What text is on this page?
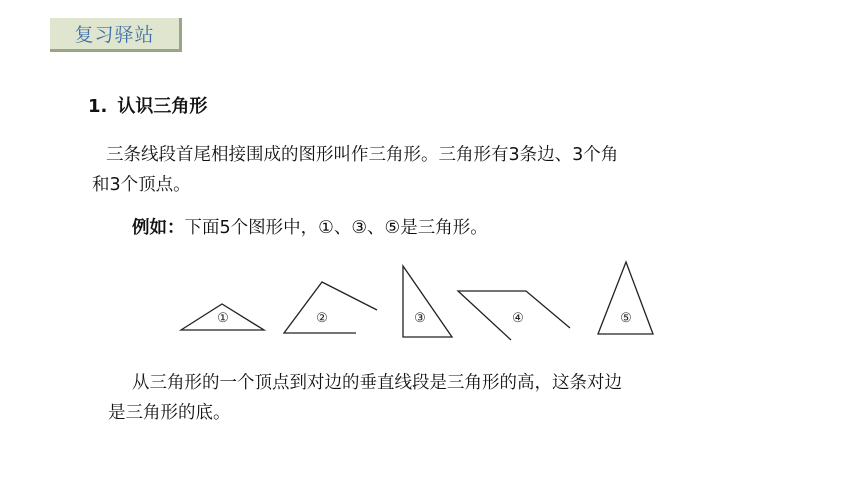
复习驿站
1. 认识三角形
三条线段首尾相接围成的图形叫作三角形。三角形有3条边、3个角
和3个顶点。
例如：下面5个图形中，①、③、⑤是三角形。
①	②	③	④	⑤
从三角形的一个顶点到对边的垂直线段是三角形的高，这条对边
是三角形的底。
